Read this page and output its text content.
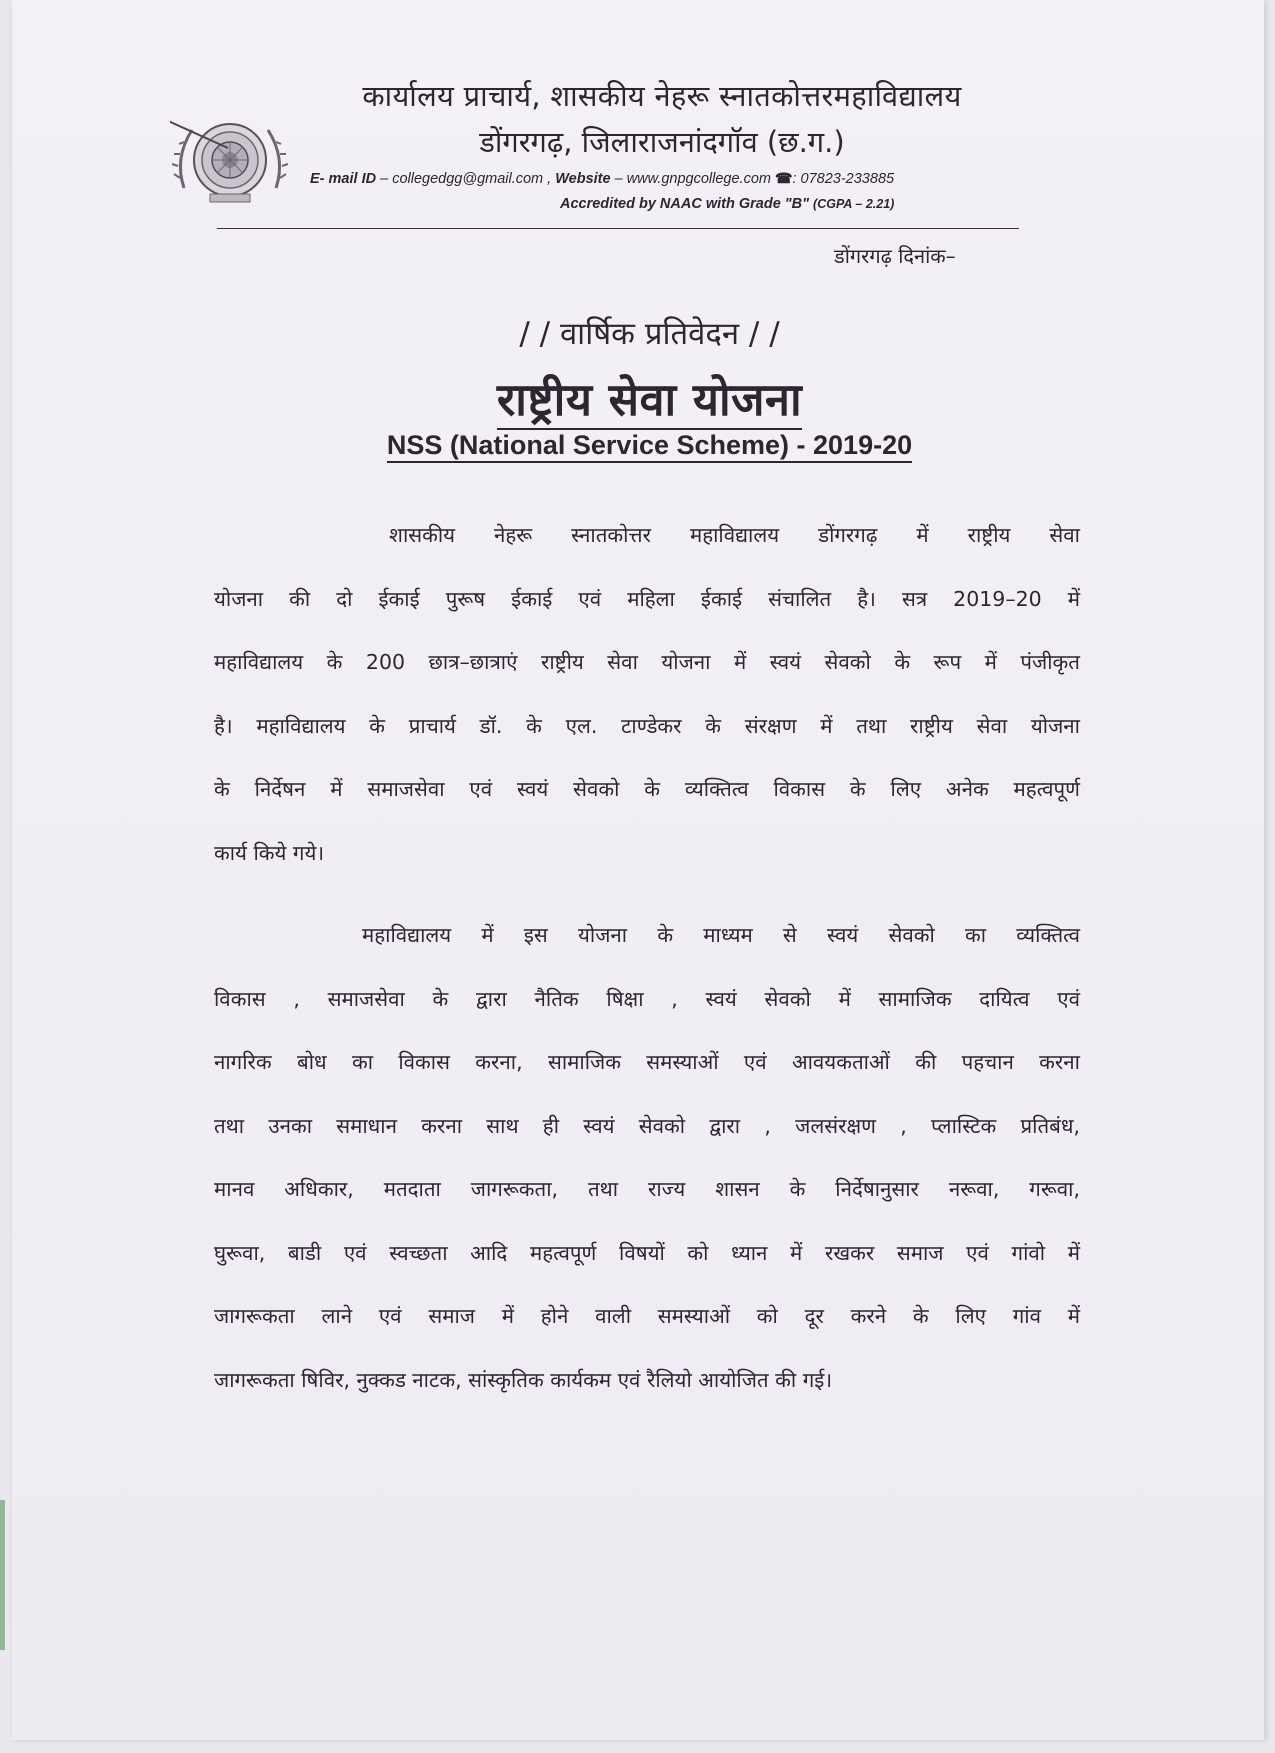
कार्यालय प्राचार्य, शासकीय नेहरू स्नातकोत्तरमहाविद्यालय
डोंगरगढ़, जिलाराजनांदगॉव (छ.ग.)
E- mail ID – collegedgg@gmail.com , Website – www.gnpgcollege.com ☎: 07823-233885
Accredited by NAAC with Grade "B" (CGPA – 2.21)
डोंगरगढ़ दिनांक–
/ / वार्षिक प्रतिवेदन / /
राष्ट्रीय सेवा योजना
NSS (National Service Scheme) - 2019-20
शासकीय नेहरू स्नातकोत्तर महाविद्यालय डोंगरगढ़ में राष्ट्रीय सेवा
योजना की दो ईकाई पुरूष ईकाई एवं महिला ईकाई संचालित है। सत्र 2019–20 में
महाविद्यालय के 200 छात्र–छात्राएं राष्ट्रीय सेवा योजना में स्वयं सेवको के रूप में पंजीकृत
है। महाविद्यालय के प्राचार्य डॉ. के एल. टाण्डेकर के संरक्षण में तथा राष्ट्रीय सेवा योजना
के निर्देषन में समाजसेवा एवं स्वयं सेवको के व्यक्तित्व विकास के लिए अनेक महत्वपूर्ण
कार्य किये गये।
महाविद्यालय में इस योजना के माध्यम से स्वयं सेवको का व्यक्तित्व
विकास , समाजसेवा के द्वारा नैतिक षिक्षा , स्वयं सेवको में सामाजिक दायित्व एवं
नागरिक बोध का विकास करना, सामाजिक समस्याओं एवं आवयकताओं की पहचान करना
तथा उनका समाधान करना साथ ही स्वयं सेवको द्वारा , जलसंरक्षण , प्लास्टिक प्रतिबंध,
मानव अधिकार, मतदाता जागरूकता, तथा राज्य शासन के निर्देषानुसार नरूवा, गरूवा,
घुरूवा, बाडी एवं स्वच्छता आदि महत्वपूर्ण विषयों को ध्यान में रखकर समाज एवं गांवो में
जागरूकता लाने एवं समाज में होने वाली समस्याओं को दूर करने के लिए गांव में
जागरूकता षिविर, नुक्कड नाटक, सांस्कृतिक कार्यकम एवं रैलियो आयोजित की गई।
